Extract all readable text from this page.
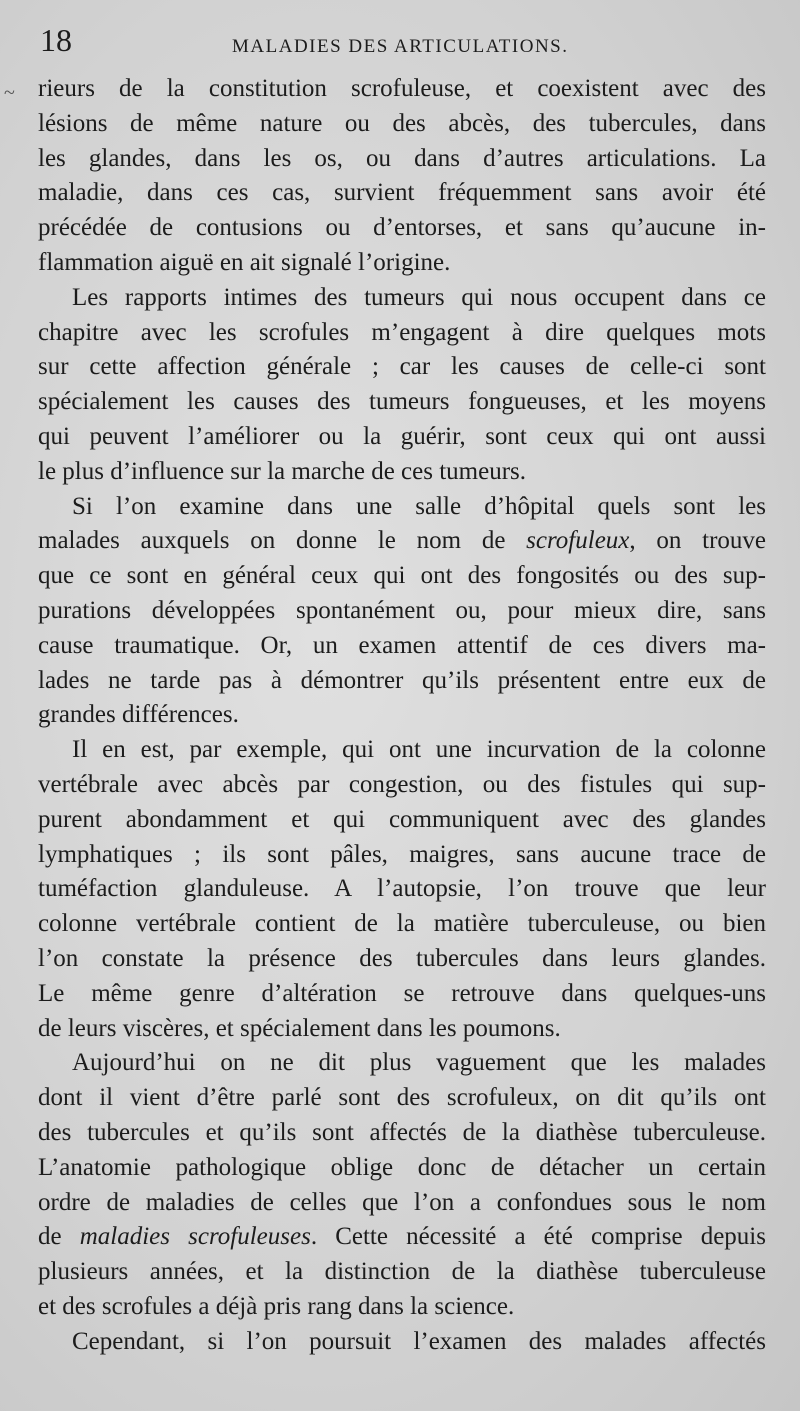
18	MALADIES DES ARTICULATIONS.
~ rieurs de la constitution scrofuleuse, et coexistent avec des
lésions de même nature ou des abcès, des tubercules, dans
les glandes, dans les os, ou dans d’autres articulations. La
maladie, dans ces cas, survient fréquemment sans avoir été
précédée de contusions ou d’entorses, et sans qu’aucune in-
flammation aiguë en ait signalé l’origine.
Les rapports intimes des tumeurs qui nous occupent dans ce
chapitre avec les scrofules m’engagent à dire quelques mots
sur cette affection générale ; car les causes de celle-ci sont
spécialement les causes des tumeurs fongueuses, et les moyens
qui peuvent l’améliorer ou la guérir, sont ceux qui ont aussi
le plus d’influence sur la marche de ces tumeurs.
Si l’on examine dans une salle d’hôpital quels sont les
malades auxquels on donne le nom de scrofuleux, on trouve
que ce sont en général ceux qui ont des fongosités ou des sup-
purations développées spontanément ou, pour mieux dire, sans
cause traumatique. Or, un examen attentif de ces divers ma-
lades ne tarde pas à démontrer qu’ils présentent entre eux de
grandes différences.
Il en est, par exemple, qui ont une incurvation de la colonne
vertébrale avec abcès par congestion, ou des fistules qui sup-
purent abondamment et qui communiquent avec des glandes
lymphatiques ; ils sont pâles, maigres, sans aucune trace de
tuméfaction glanduleuse. A l’autopsie, l’on trouve que leur
colonne vertébrale contient de la matière tuberculeuse, ou bien
l’on constate la présence des tubercules dans leurs glandes.
Le même genre d’altération se retrouve dans quelques-uns
de leurs viscères, et spécialement dans les poumons.
Aujourd’hui on ne dit plus vaguement que les malades
dont il vient d’être parlé sont des scrofuleux, on dit qu’ils ont
des tubercules et qu’ils sont affectés de la diathèse tuberculeuse.
L’anatomie pathologique oblige donc de détacher un certain
ordre de maladies de celles que l’on a confondues sous le nom
de maladies scrofuleuses. Cette nécessité a été comprise depuis
plusieurs années, et la distinction de la diathèse tuberculeuse
et des scrofules a déjà pris rang dans la science.
Cependant, si l’on poursuit l’examen des malades affectés
